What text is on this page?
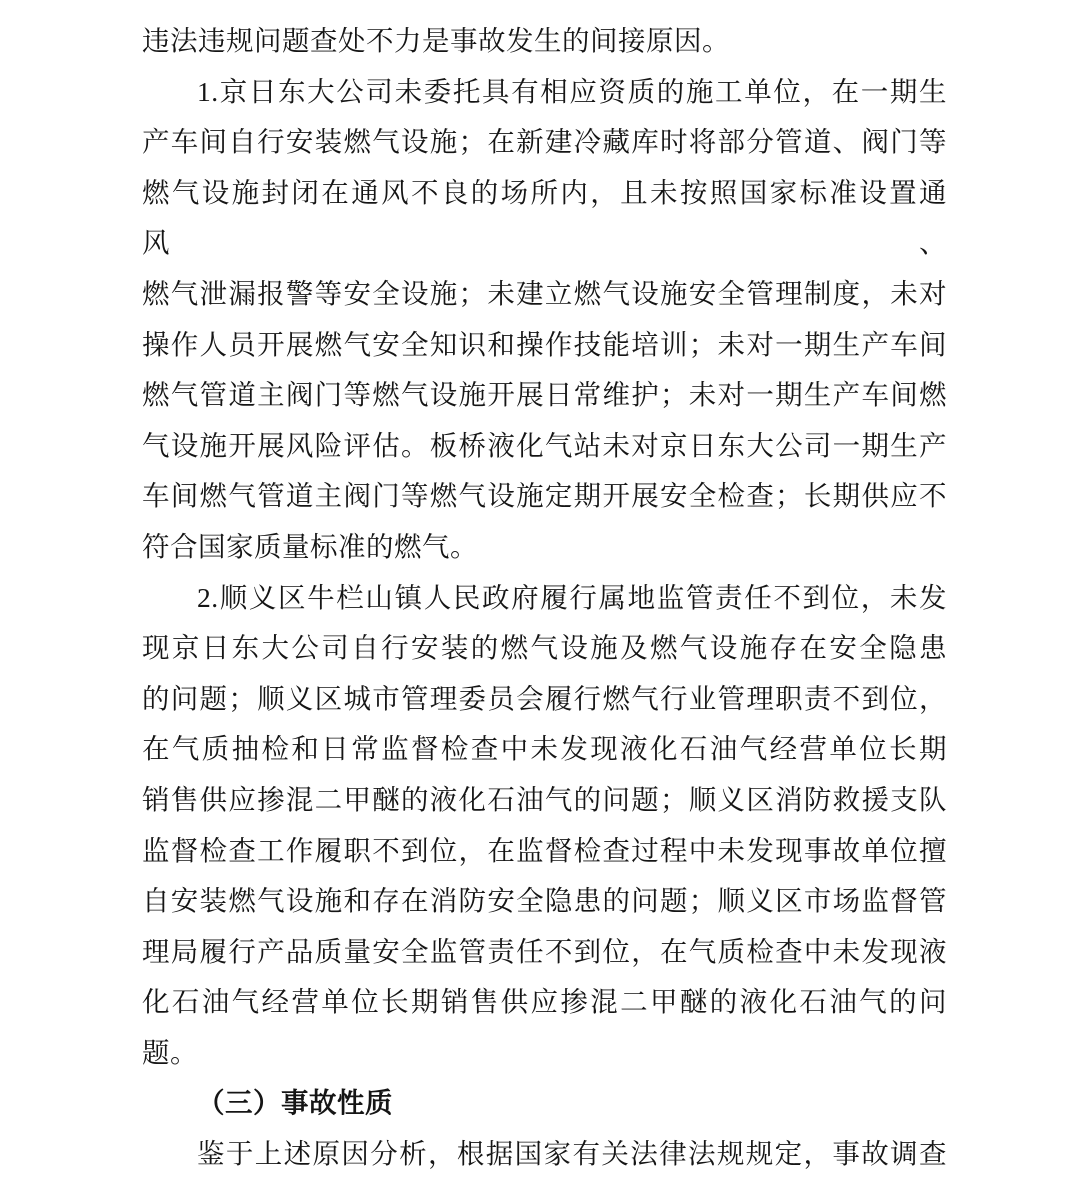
违法违规问题查处不力是事故发生的间接原因。
1.京日东大公司未委托具有相应资质的施工单位，在一期生
产车间自行安装燃气设施；在新建冷藏库时将部分管道、阀门等
燃气设施封闭在通风不良的场所内，且未按照国家标准设置通风、
燃气泄漏报警等安全设施；未建立燃气设施安全管理制度，未对
操作人员开展燃气安全知识和操作技能培训；未对一期生产车间
燃气管道主阀门等燃气设施开展日常维护；未对一期生产车间燃
气设施开展风险评估。板桥液化气站未对京日东大公司一期生产
车间燃气管道主阀门等燃气设施定期开展安全检查；长期供应不
符合国家质量标准的燃气。
2.顺义区牛栏山镇人民政府履行属地监管责任不到位，未发
现京日东大公司自行安装的燃气设施及燃气设施存在安全隐患
的问题；顺义区城市管理委员会履行燃气行业管理职责不到位，
在气质抽检和日常监督检查中未发现液化石油气经营单位长期
销售供应掺混二甲醚的液化石油气的问题；顺义区消防救援支队
监督检查工作履职不到位，在监督检查过程中未发现事故单位擅
自安装燃气设施和存在消防安全隐患的问题；顺义区市场监督管
理局履行产品质量安全监管责任不到位，在气质检查中未发现液
化石油气经营单位长期销售供应掺混二甲醚的液化石油气的问
题。
（三）事故性质
鉴于上述原因分析，根据国家有关法律法规规定，事故调查
